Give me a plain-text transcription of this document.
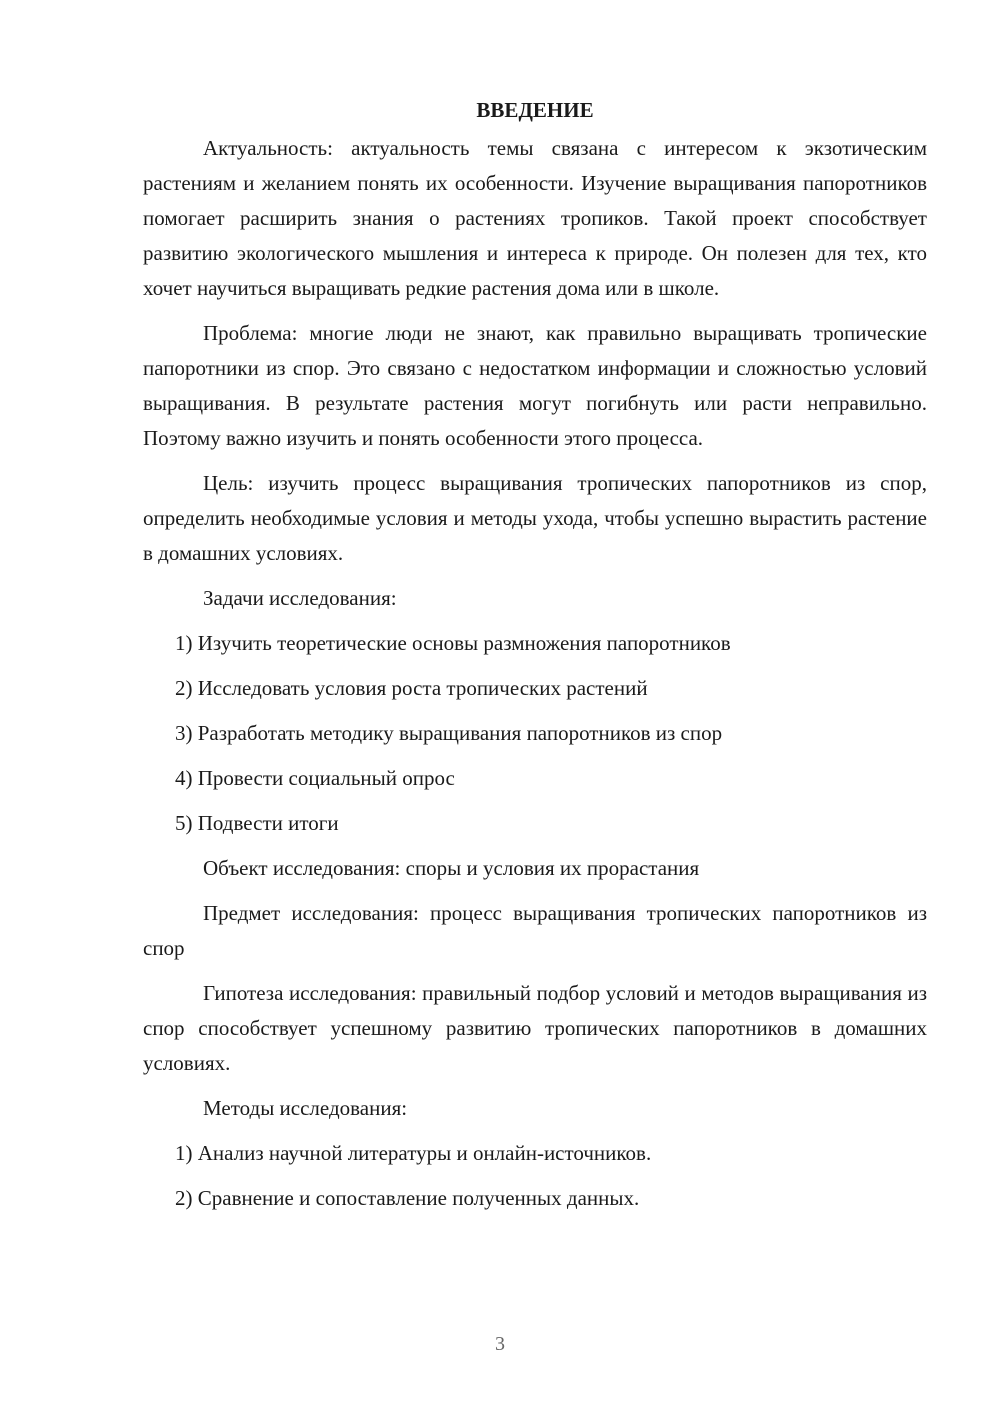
ВВЕДЕНИЕ

Актуальность: актуальность темы связана с интересом к экзотическим растениям и желанием понять их особенности. Изучение выращивания папоротников помогает расширить знания о растениях тропиков. Такой проект способствует развитию экологического мышления и интереса к природе. Он полезен для тех, кто хочет научиться выращивать редкие растения дома или в школе.

Проблема: многие люди не знают, как правильно выращивать тропические папоротники из спор. Это связано с недостатком информации и сложностью условий выращивания. В результате растения могут погибнуть или расти неправильно. Поэтому важно изучить и понять особенности этого процесса.

Цель: изучить процесс выращивания тропических папоротников из спор, определить необходимые условия и методы ухода, чтобы успешно вырастить растение в домашних условиях.

Задачи исследования:

1) Изучить теоретические основы размножения папоротников
2) Исследовать условия роста тропических растений
3) Разработать методику выращивания папоротников из спор
4) Провести социальный опрос
5) Подвести итоги

Объект исследования: споры и условия их прорастания

Предмет исследования: процесс выращивания тропических папоротников из спор

Гипотеза исследования: правильный подбор условий и методов выращивания из спор способствует успешному развитию тропических папоротников в домашних условиях.

Методы исследования:

1) Анализ научной литературы и онлайн-источников.
2) Сравнение и сопоставление полученных данных.
3
